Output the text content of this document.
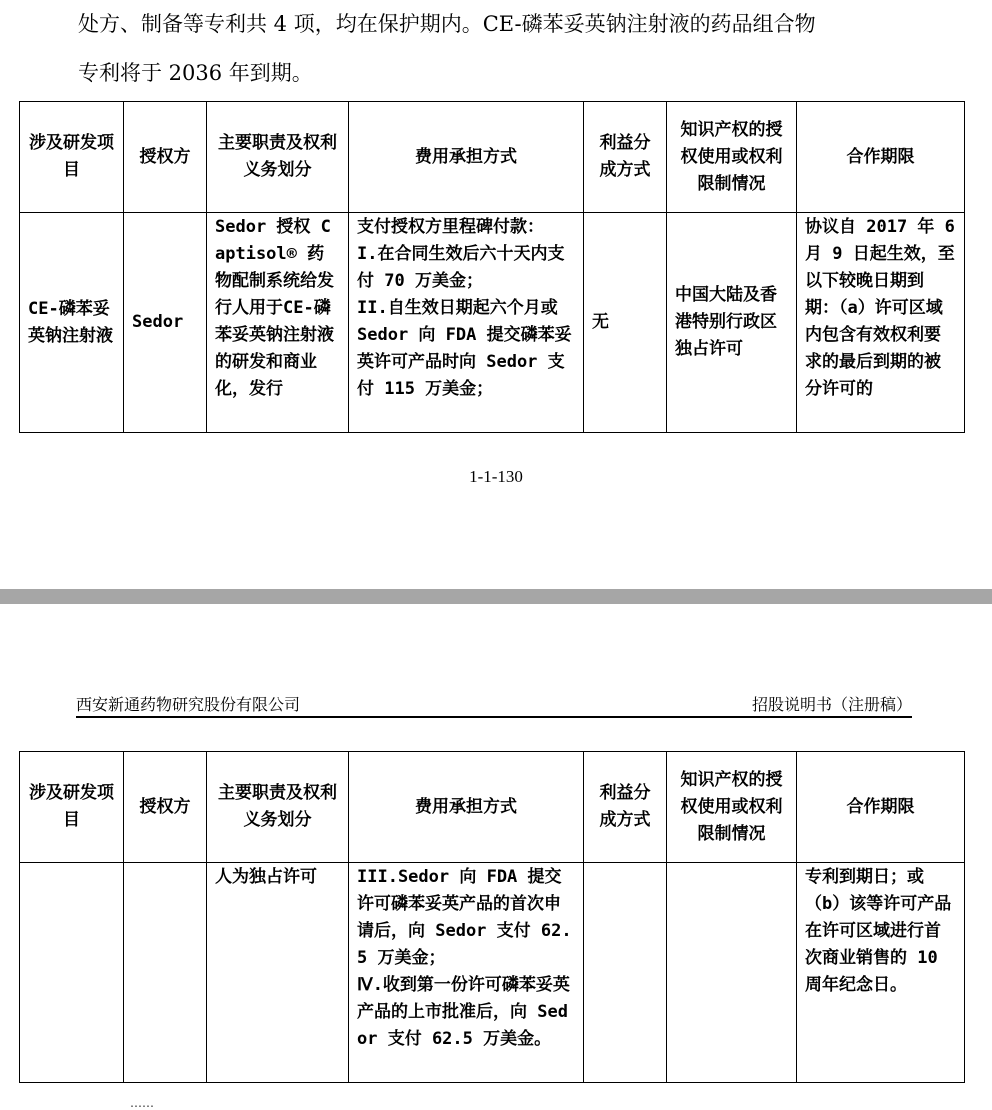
处方、制备等专利共 4 项，均在保护期内。CE-磷苯妥英钠注射液的药品组合物

专利将于 2036 年到期。

涉及研发项目	授权方	主要职责及权利义务划分	费用承担方式	利益分成方式	知识产权的授权使用或权利限制情况	合作期限
CE-磷苯妥英钠注射液	Sedor	Sedor 授权 Captisol® 药物配制系统给发行人用于CE-磷苯妥英钠注射液的研发和商业化，发行	支付授权方里程碑付款：
I.在合同生效后六十天内支付 70 万美金；
II.自生效日期起六个月或 Sedor 向 FDA 提交磷苯妥英许可产品时向 Sedor 支付 115 万美金；	无	中国大陆及香港特别行政区独占许可	协议自 2017 年 6 月 9 日起生效，至以下较晚日期到期：（a）许可区域内包含有效权利要求的最后到期的被分许可的
1-1-130
西安新通药物研究股份有限公司	招股说明书（注册稿）
涉及研发项目	授权方	主要职责及权利义务划分	费用承担方式	利益分成方式	知识产权的授权使用或权利限制情况	合作期限
		人为独占许可	III.Sedor 向 FDA 提交许可磷苯妥英产品的首次申请后，向 Sedor 支付 62.5 万美金；
Ⅳ.收到第一份许可磷苯妥英产品的上市批准后，向 Sedor 支付 62.5 万美金。			专利到期日；或（b）该等许可产品在许可区域进行首次商业销售的 10 周年纪念日。
……
